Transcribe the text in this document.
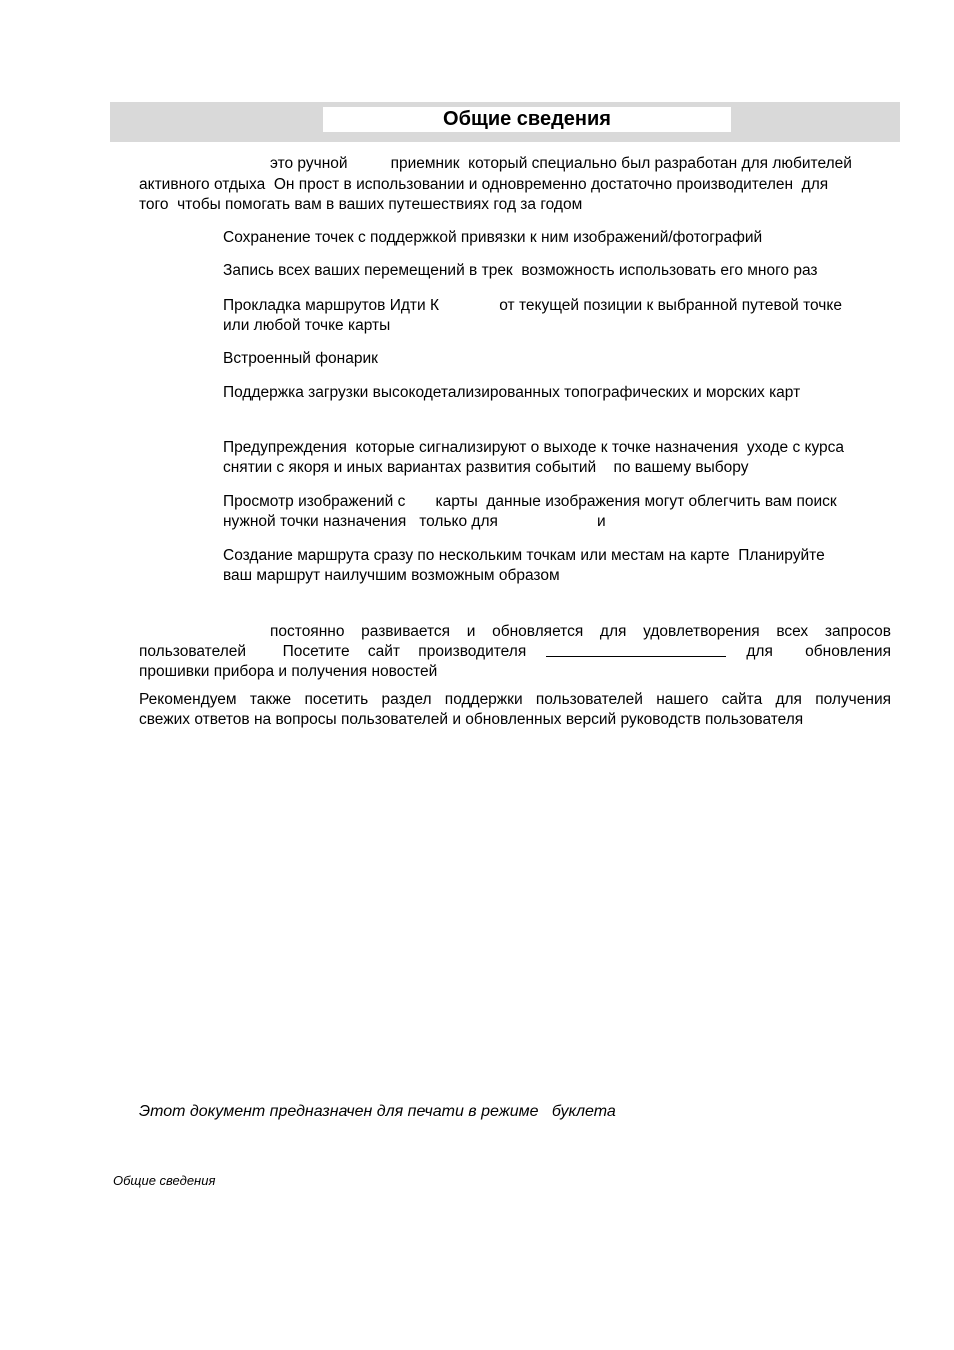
Общие сведения
это ручной          приемник  который специально был разработан для любителей
активного отдыха  Он прост в использовании и одновременно достаточно производителен  для
того  чтобы помогать вам в ваших путешествиях год за годом
Сохранение точек с поддержкой привязки к ним изображений/фотографий
Запись всех ваших перемещений в трек  возможность использовать его много раз
Прокладка маршрутов Идти К              от текущей позиции к выбранной путевой точке
или любой точке карты
Встроенный фонарик
Поддержка загрузки высокодетализированных топографических и морских карт
Предупреждения  которые сигнализируют о выходе к точке назначения  уходе с курса
снятии с якоря и иных вариантах развития событий    по вашему выбору
Просмотр изображений с       карты  данные изображения могут облегчить вам поиск
нужной точки назначения   только для                       и
Создание маршрута сразу по нескольким точкам или местам на карте  Планируйте
ваш маршрут наилучшим возможным образом
постоянно развивается и обновляется для удовлетворения всех запросов
пользователей  Посетите сайт производителя	для обновления
прошивки прибора и получения новостей
Рекомендуем также посетить раздел поддержки пользователей нашего сайта для получения
свежих ответов на вопросы пользователей и обновленных версий руководств пользователя
Этот документ предназначен для печати в режиме   буклета
Общие сведения
